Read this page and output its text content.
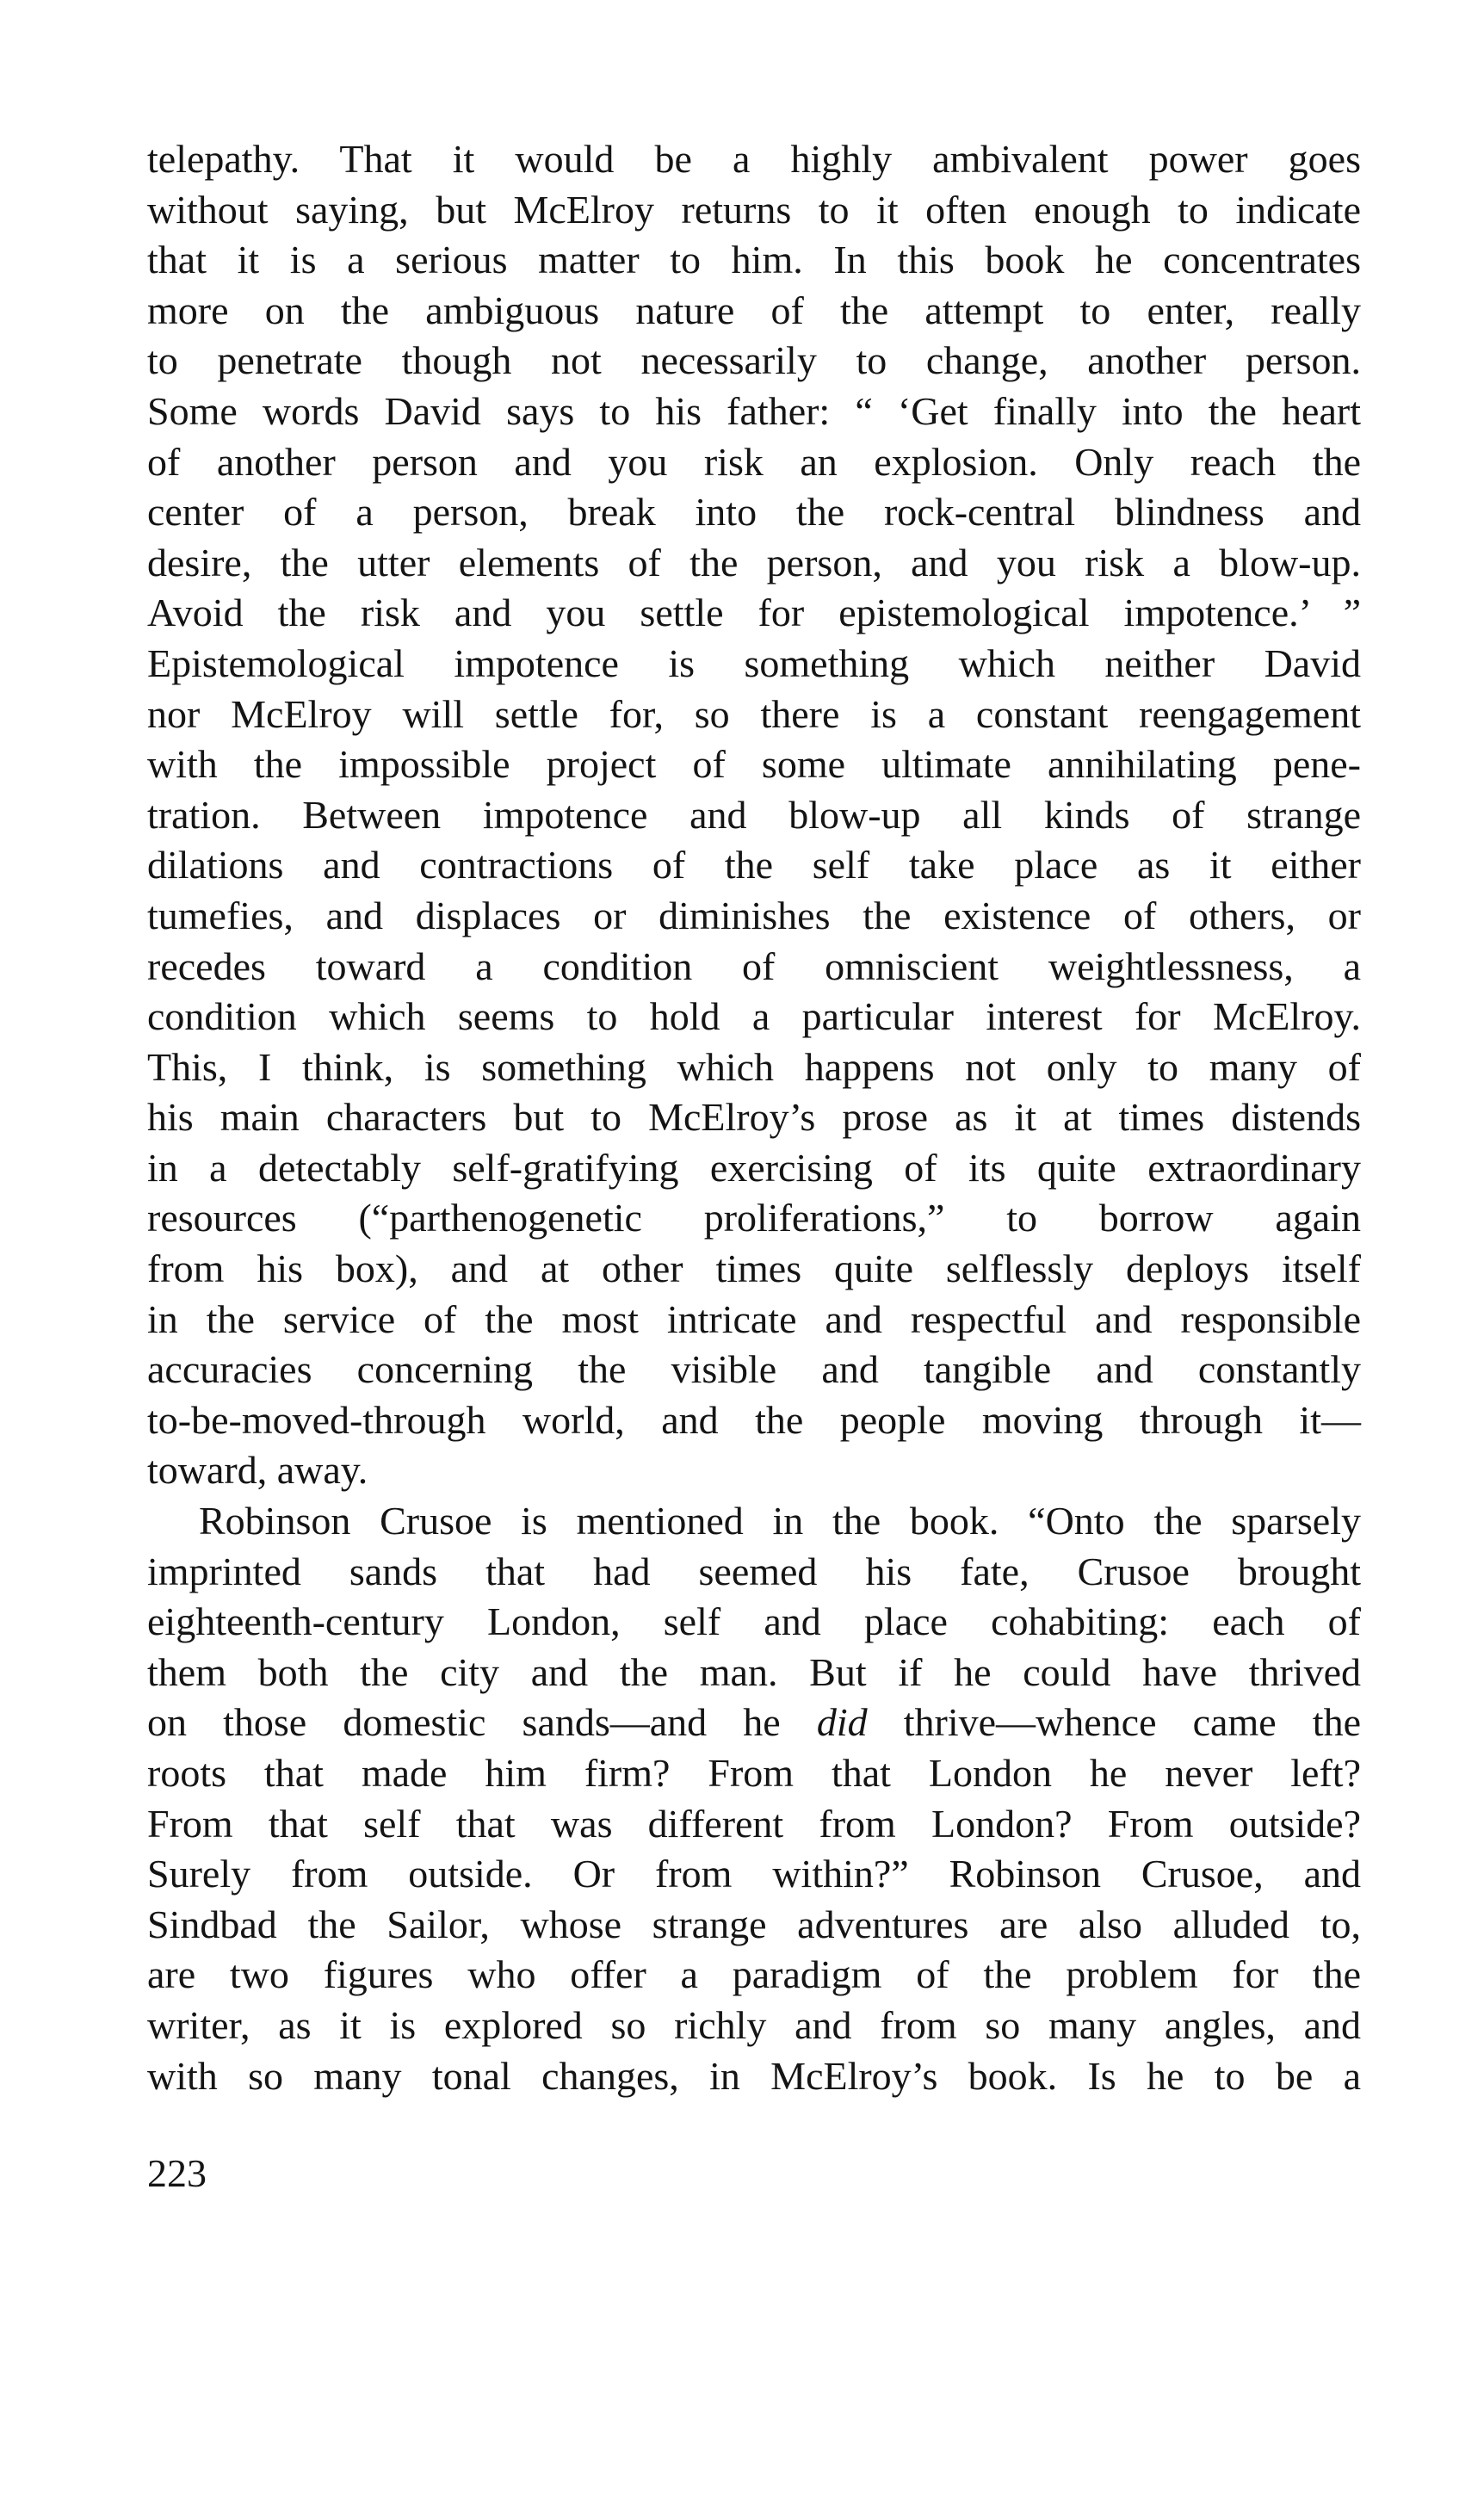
telepathy. That it would be a highly ambivalent power goes
without saying, but McElroy returns to it often enough to indicate
that it is a serious matter to him. In this book he concentrates
more on the ambiguous nature of the attempt to enter, really
to penetrate though not necessarily to change, another person.
Some words David says to his father: “ ‘Get finally into the heart
of another person and you risk an explosion. Only reach the
center of a person, break into the rock-central blindness and
desire, the utter elements of the person, and you risk a blow-up.
Avoid the risk and you settle for epistemological impotence.’ ”
Epistemological impotence is something which neither David
nor McElroy will settle for, so there is a constant reengagement
with the impossible project of some ultimate annihilating pene-
tration. Between impotence and blow-up all kinds of strange
dilations and contractions of the self take place as it either
tumefies, and displaces or diminishes the existence of others, or
recedes toward a condition of omniscient weightlessness, a
condition which seems to hold a particular interest for McElroy.
This, I think, is something which happens not only to many of
his main characters but to McElroy’s prose as it at times distends
in a detectably self-gratifying exercising of its quite extraordinary
resources (“parthenogenetic proliferations,” to borrow again
from his box), and at other times quite selflessly deploys itself
in the service of the most intricate and respectful and responsible
accuracies concerning the visible and tangible and constantly
to-be-moved-through world, and the people moving through it—
toward, away.
Robinson Crusoe is mentioned in the book. “Onto the sparsely
imprinted sands that had seemed his fate, Crusoe brought
eighteenth-century London, self and place cohabiting: each of
them both the city and the man. But if he could have thrived
on those domestic sands—and he did thrive—whence came the
roots that made him firm? From that London he never left?
From that self that was different from London? From outside?
Surely from outside. Or from within?” Robinson Crusoe, and
Sindbad the Sailor, whose strange adventures are also alluded to,
are two figures who offer a paradigm of the problem for the
writer, as it is explored so richly and from so many angles, and
with so many tonal changes, in McElroy’s book. Is he to be a
223
